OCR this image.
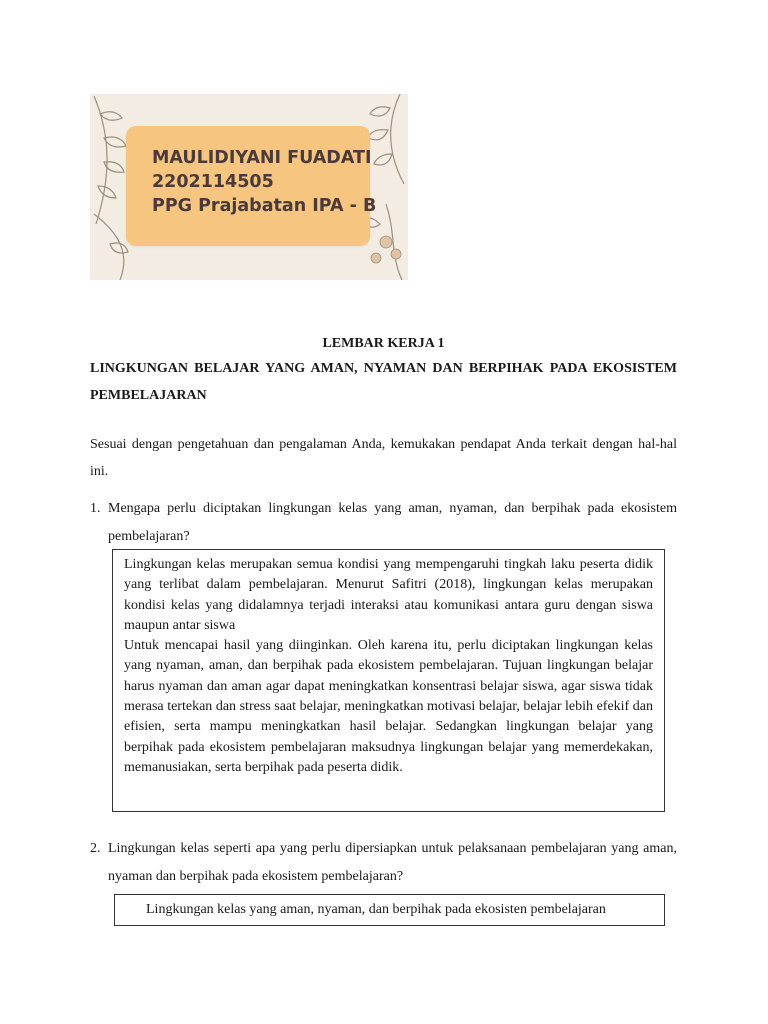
MAULIDIYANI FUADATI
2202114505
PPG Prajabatan IPA - B
LEMBAR KERJA 1

LINGKUNGAN BELAJAR YANG AMAN, NYAMAN DAN BERPIHAK PADA EKOSISTEM PEMBELAJARAN

Sesuai dengan pengetahuan dan pengalaman Anda, kemukakan pendapat Anda terkait dengan hal-hal ini.

1. Mengapa perlu diciptakan lingkungan kelas yang aman, nyaman, dan berpihak pada ekosistem pembelajaran?

Lingkungan kelas merupakan semua kondisi yang mempengaruhi tingkah laku peserta didik yang terlibat dalam pembelajaran. Menurut Safitri (2018), lingkungan kelas merupakan kondisi kelas yang didalamnya terjadi interaksi atau komunikasi antara guru dengan siswa maupun antar siswa

Untuk mencapai hasil yang diinginkan. Oleh karena itu, perlu diciptakan lingkungan kelas yang nyaman, aman, dan berpihak pada ekosistem pembelajaran. Tujuan lingkungan belajar harus nyaman dan aman agar dapat meningkatkan konsentrasi belajar siswa, agar siswa tidak merasa tertekan dan stress saat belajar, meningkatkan motivasi belajar, belajar lebih efekif dan efisien, serta mampu meningkatkan hasil belajar. Sedangkan lingkungan belajar yang berpihak pada ekosistem pembelajaran maksudnya lingkungan belajar yang memerdekakan, memanusiakan, serta berpihak pada peserta didik.

2. Lingkungan kelas seperti apa yang perlu dipersiapkan untuk pelaksanaan pembelajaran yang aman, nyaman dan berpihak pada ekosistem pembelajaran?

Lingkungan kelas yang aman, nyaman, dan berpihak pada ekosisten pembelajaran
